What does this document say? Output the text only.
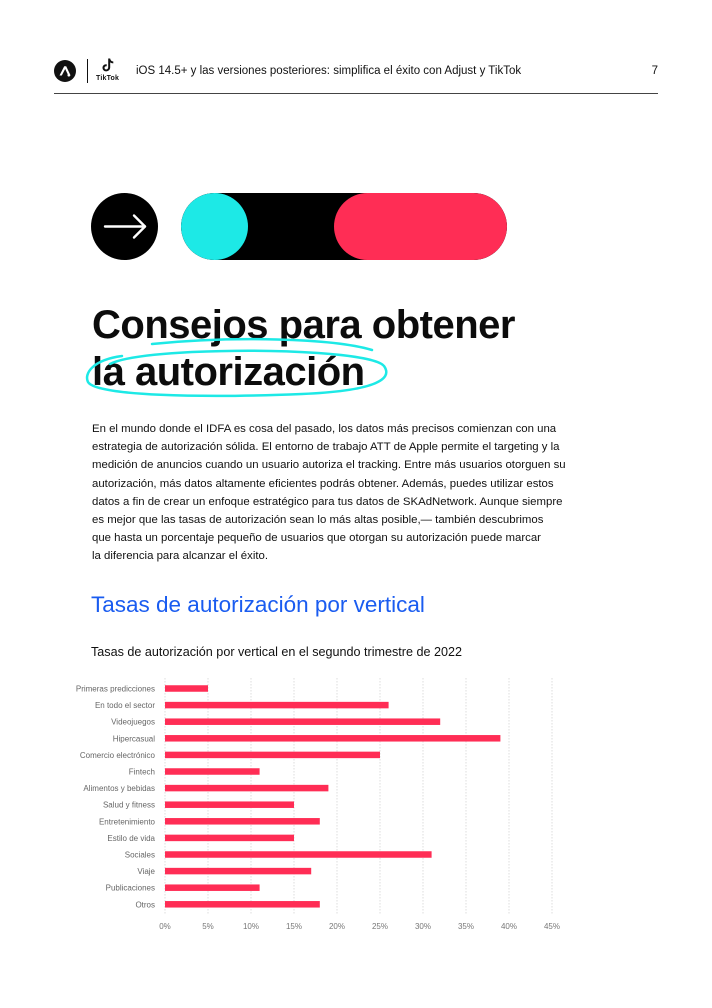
TikTok
iOS 14.5+ y las versiones posteriores: simplifica el éxito con Adjust y TikTok	7
Consejos para obtener
la autorización
En el mundo donde el IDFA es cosa del pasado, los datos más precisos comienzan con una
estrategia de autorización sólida. El entorno de trabajo ATT de Apple permite el targeting y la
medición de anuncios cuando un usuario autoriza el tracking. Entre más usuarios otorguen su
autorización, más datos altamente eficientes podrás obtener. Además, puedes utilizar estos
datos a fin de crear un enfoque estratégico para tus datos de SKAdNetwork. Aunque siempre
es mejor que las tasas de autorización sean lo más altas posible,— también descubrimos
que hasta un porcentaje pequeño de usuarios que otorgan su autorización puede marcar
la diferencia para alcanzar el éxito.
Tasas de autorización por vertical
Tasas de autorización por vertical en el segundo trimestre de 2022
0%	5%	10%	15%	20%	25%	30%	35%	40%	45%
Primeras predicciones
En todo el sector
Videojuegos
Hipercasual
Comercio electrónico
Fintech
Alimentos y bebidas
Salud y fitness
Entretenimiento
Estilo de vida
Sociales
Viaje
Publicaciones
Otros
